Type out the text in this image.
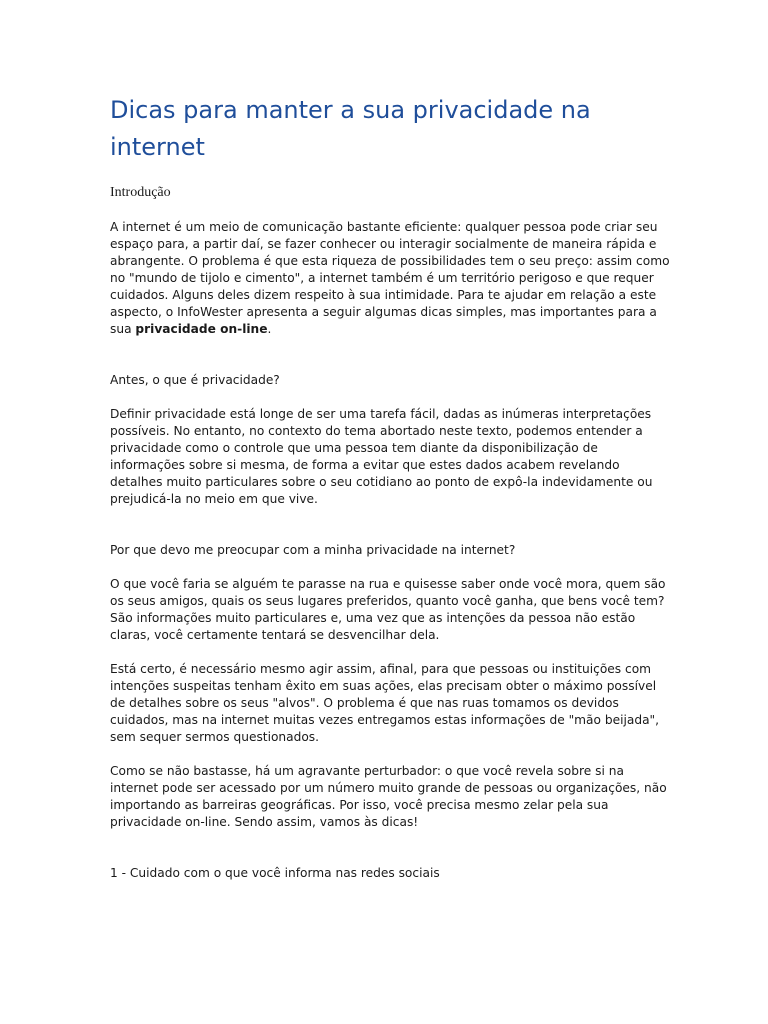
Dicas para manter a sua privacidade na internet
Introdução

A internet é um meio de comunicação bastante eficiente: qualquer pessoa pode criar seu espaço para, a partir daí, se fazer conhecer ou interagir socialmente de maneira rápida e abrangente. O problema é que esta riqueza de possibilidades tem o seu preço: assim como no "mundo de tijolo e cimento", a internet também é um território perigoso e que requer cuidados. Alguns deles dizem respeito à sua intimidade. Para te ajudar em relação a este aspecto, o InfoWester apresenta a seguir algumas dicas simples, mas importantes para a sua privacidade on-line.

Antes, o que é privacidade?

Definir privacidade está longe de ser uma tarefa fácil, dadas as inúmeras interpretações possíveis. No entanto, no contexto do tema abortado neste texto, podemos entender a privacidade como o controle que uma pessoa tem diante da disponibilização de informações sobre si mesma, de forma a evitar que estes dados acabem revelando detalhes muito particulares sobre o seu cotidiano ao ponto de expô-la indevidamente ou prejudicá-la no meio em que vive.

Por que devo me preocupar com a minha privacidade na internet?

O que você faria se alguém te parasse na rua e quisesse saber onde você mora, quem são os seus amigos, quais os seus lugares preferidos, quanto você ganha, que bens você tem? São informações muito particulares e, uma vez que as intenções da pessoa não estão claras, você certamente tentará se desvencilhar dela.

Está certo, é necessário mesmo agir assim, afinal, para que pessoas ou instituições com intenções suspeitas tenham êxito em suas ações, elas precisam obter o máximo possível de detalhes sobre os seus "alvos". O problema é que nas ruas tomamos os devidos cuidados, mas na internet muitas vezes entregamos estas informações de "mão beijada", sem sequer sermos questionados.

Como se não bastasse, há um agravante perturbador: o que você revela sobre si na internet pode ser acessado por um número muito grande de pessoas ou organizações, não importando as barreiras geográficas. Por isso, você precisa mesmo zelar pela sua privacidade on-line. Sendo assim, vamos às dicas!

1 - Cuidado com o que você informa nas redes sociais
